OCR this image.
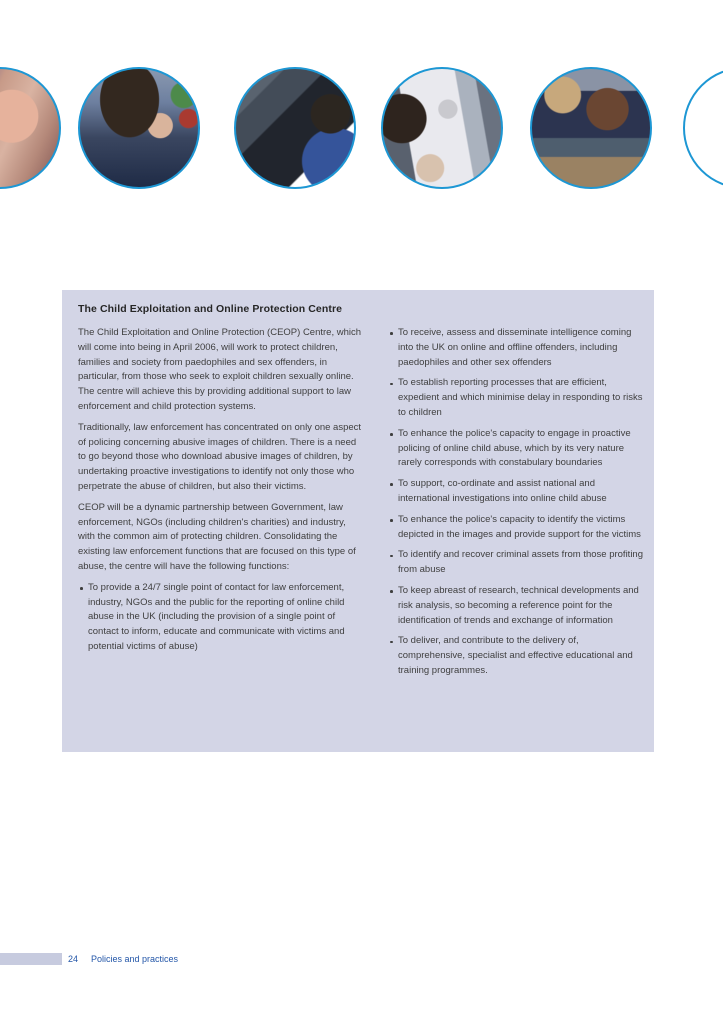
The Child Exploitation and Online Protection Centre

The Child Exploitation and Online Protection (CEOP) Centre, which will come into being in April 2006, will work to protect children, families and society from paedophiles and sex offenders, in particular, from those who seek to exploit children sexually online. The centre will achieve this by providing additional support to law enforcement and child protection systems.

Traditionally, law enforcement has concentrated on only one aspect of policing concerning abusive images of children. There is a need to go beyond those who download abusive images of children, by undertaking proactive investigations to identify not only those who perpetrate the abuse of children, but also their victims.

CEOP will be a dynamic partnership between Government, law enforcement, NGOs (including children's charities) and industry, with the common aim of protecting children. Consolidating the existing law enforcement functions that are focused on this type of abuse, the centre will have the following functions:

To provide a 24/7 single point of contact for law enforcement, industry, NGOs and the public for the reporting of online child abuse in the UK (including the provision of a single point of contact to inform, educate and communicate with victims and potential victims of abuse)
To receive, assess and disseminate intelligence coming into the UK on online and offline offenders, including paedophiles and other sex offenders
To establish reporting processes that are efficient, expedient and which minimise delay in responding to risks to children
To enhance the police's capacity to engage in proactive policing of online child abuse, which by its very nature rarely corresponds with constabulary boundaries
To support, co-ordinate and assist national and international investigations into online child abuse
To enhance the police's capacity to identify the victims depicted in the images and provide support for the victims
To identify and recover criminal assets from those profiting from abuse
To keep abreast of research, technical developments and risk analysis, so becoming a reference point for the identification of trends and exchange of information
To deliver, and contribute to the delivery of, comprehensive, specialist and effective educational and training programmes.
24 Policies and practices
